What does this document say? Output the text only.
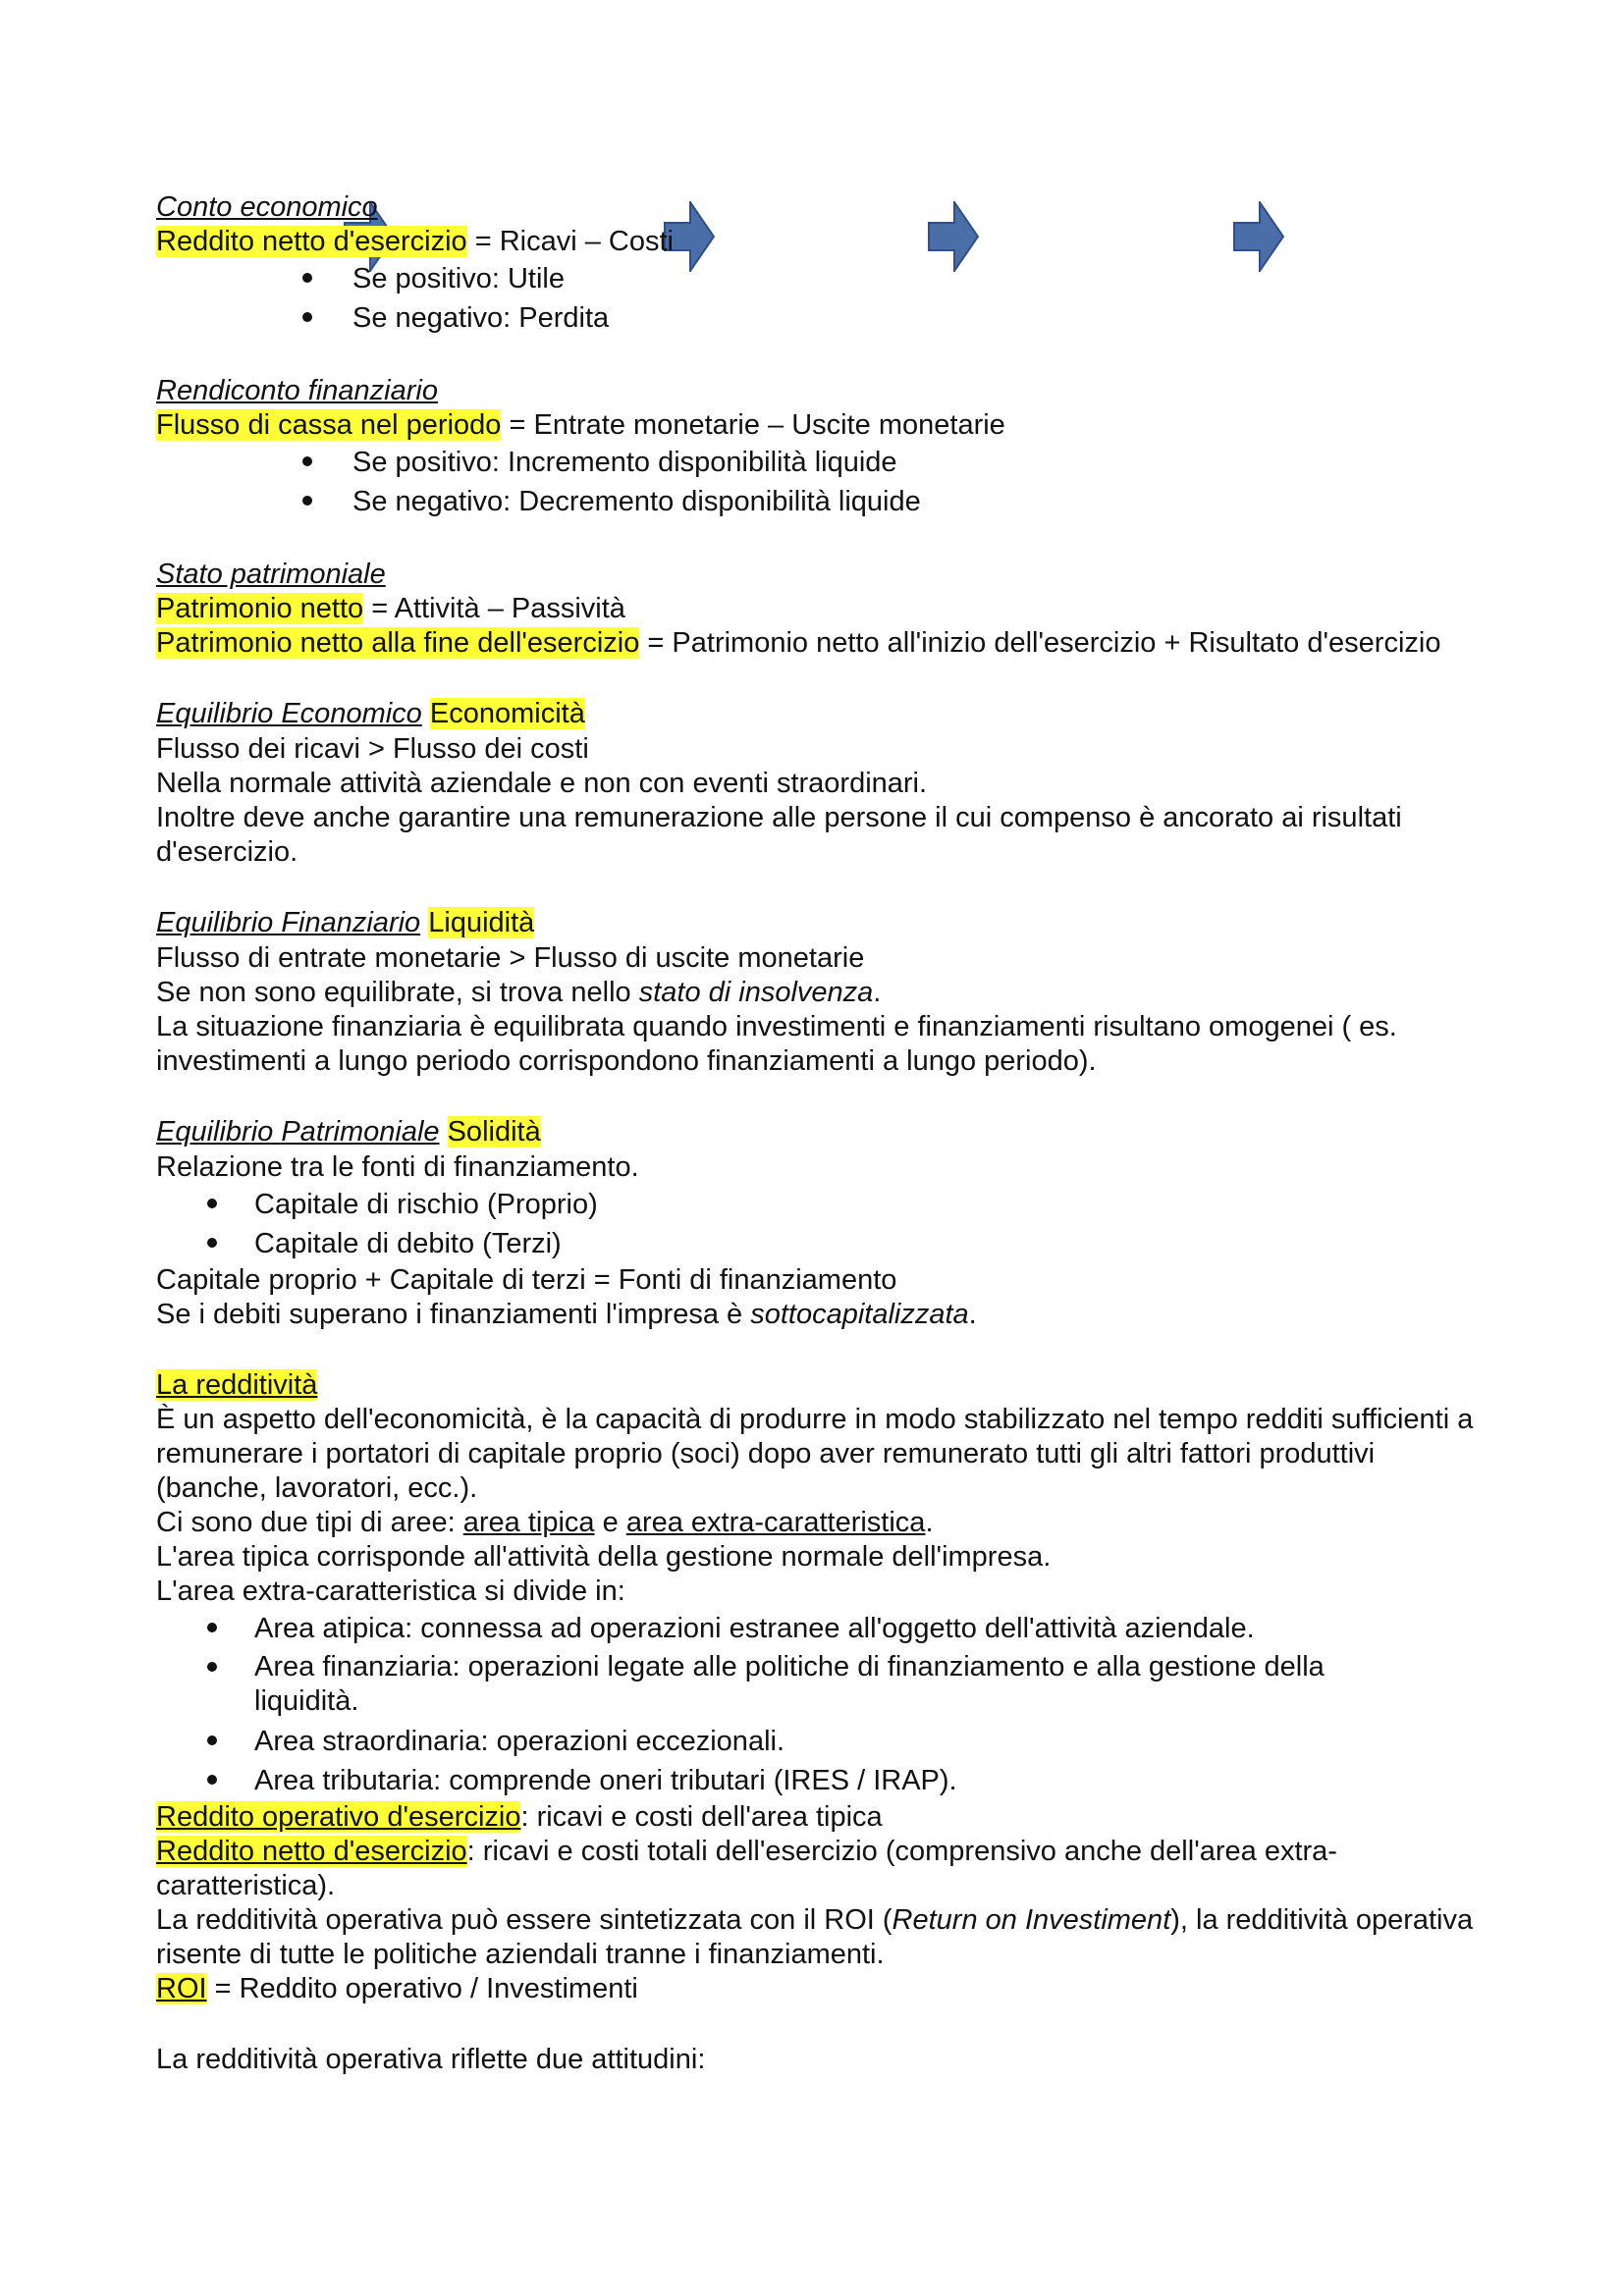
Conto economico
Reddito netto d'esercizio = Ricavi – Costi
Se positivo: Utile
Se negativo: Perdita
Rendiconto finanziario
Flusso di cassa nel periodo = Entrate monetarie – Uscite monetarie
Se positivo: Incremento disponibilità liquide
Se negativo: Decremento disponibilità liquide
Stato patrimoniale
Patrimonio netto = Attività – Passività
Patrimonio netto alla fine dell'esercizio = Patrimonio netto all'inizio dell'esercizio + Risultato d'esercizio
Equilibrio Economico Economicità
Flusso dei ricavi > Flusso dei costi
Nella normale attività aziendale e non con eventi straordinari.
Inoltre deve anche garantire una remunerazione alle persone il cui compenso è ancorato ai risultati d'esercizio.
Equilibrio Finanziario Liquidità
Flusso di entrate monetarie > Flusso di uscite monetarie
Se non sono equilibrate, si trova nello stato di insolvenza.
La situazione finanziaria è equilibrata quando investimenti e finanziamenti risultano omogenei ( es. investimenti a lungo periodo corrispondono finanziamenti a lungo periodo).
Equilibrio Patrimoniale Solidità
Relazione tra le fonti di finanziamento.
Capitale di rischio (Proprio)
Capitale di debito (Terzi)
Capitale proprio + Capitale di terzi = Fonti di finanziamento
Se i debiti superano i finanziamenti l'impresa è sottocapitalizzata.
La redditività
È un aspetto dell'economicità, è la capacità di produrre in modo stabilizzato nel tempo redditi sufficienti a remunerare i portatori di capitale proprio (soci) dopo aver remunerato tutti gli altri fattori produttivi (banche, lavoratori, ecc.).
Ci sono due tipi di aree: area tipica e area extra-caratteristica.
L'area tipica corrisponde all'attività della gestione normale dell'impresa.
L'area extra-caratteristica si divide in:
Area atipica: connessa ad operazioni estranee all'oggetto dell'attività aziendale.
Area finanziaria: operazioni legate alle politiche di finanziamento e alla gestione della liquidità.
Area straordinaria: operazioni eccezionali.
Area tributaria: comprende oneri tributari (IRES / IRAP).
Reddito operativo d'esercizio: ricavi e costi dell'area tipica
Reddito netto d'esercizio: ricavi e costi totali dell'esercizio (comprensivo anche dell'area extra-caratteristica).
La redditività operativa può essere sintetizzata con il ROI (Return on Investiment), la redditività operativa risente di tutte le politiche aziendali tranne i finanziamenti.
ROI = Reddito operativo / Investimenti
La redditività operativa riflette due attitudini:
